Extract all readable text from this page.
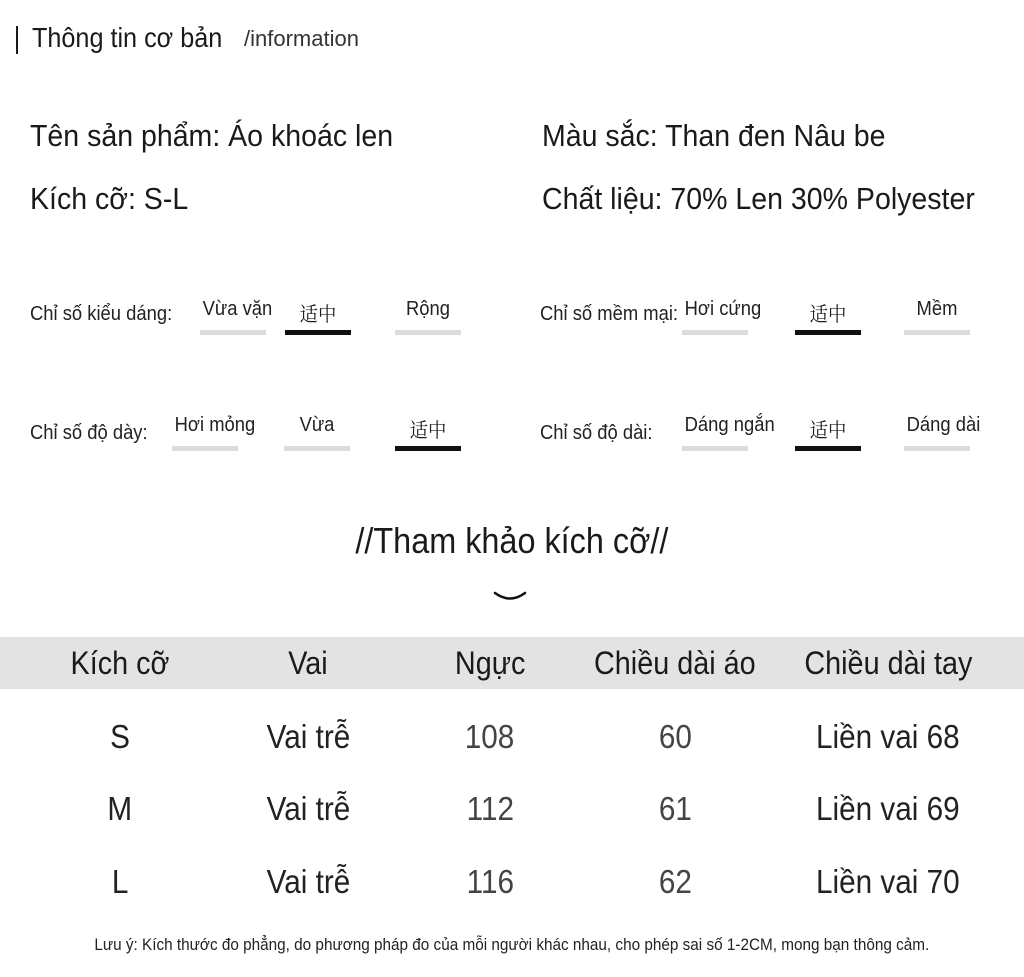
Thông tin cơ bản /information
Tên sản phẩm: Áo khoác len	Màu sắc: Than đen Nâu be
Kích cỡ: S-L	Chất liệu: 70% Len 30% Polyester
Chỉ số kiểu dáng: Vừa vặn	适中	Rộng	Chỉ số mềm mại: Hơi cứng	适中	Mềm
Chỉ số độ dày: Hơi mỏng	Vừa	适中	Chỉ số độ dài: Dáng ngắn	适中	Dáng dài
//Tham khảo kích cỡ//
Kích cỡ	Vai	Ngực	Chiều dài áo	Chiều dài tay
S	Vai trễ	108	60	Liền vai 68
M	Vai trễ	112	61	Liền vai 69
L	Vai trễ	116	62	Liền vai 70
Lưu ý: Kích thước đo phẳng, do phương pháp đo của mỗi người khác nhau, cho phép sai số 1-2CM, mong bạn thông cảm.
